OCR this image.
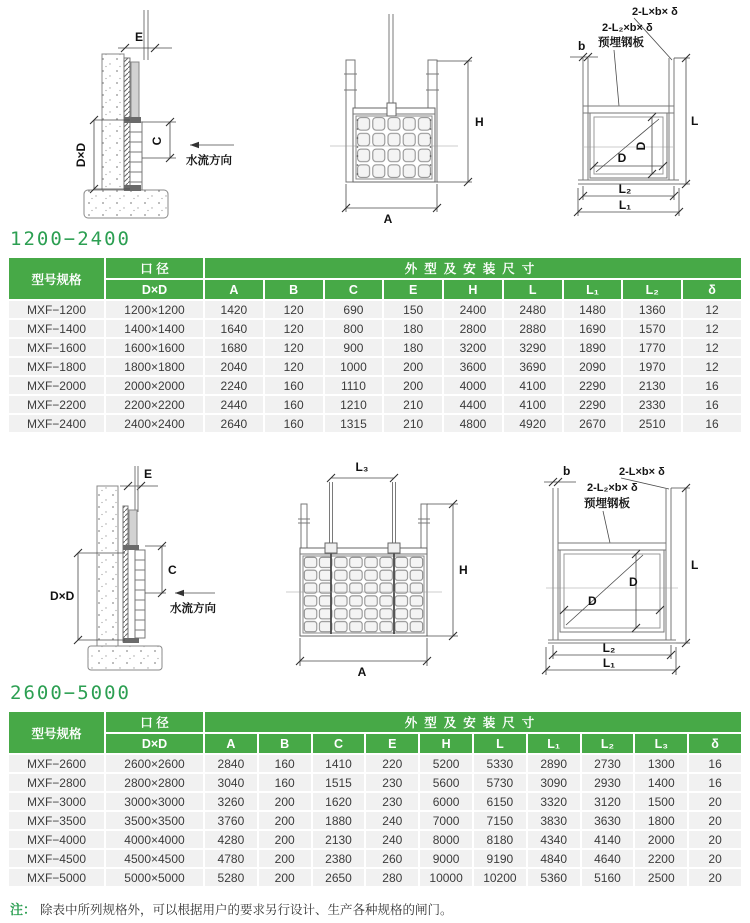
E
C
D×D	水流方向
H
A
2-L×b× δ
2-L₂×b× δ
预埋钢板
b
D
D
L
L₂
L₁
1200−2400
型号规格	口 径	外型及安装尺寸								
	D×D	A	B	C	E	H	L	L₁	L₂	δ
MXF−1200	1200×1200	1420	120	690	150	2400	2480	1480	1360	12
MXF−1400	1400×1400	1640	120	800	180	2800	2880	1690	1570	12
MXF−1600	1600×1600	1680	120	900	180	3200	3290	1890	1770	12
MXF−1800	1800×1800	2040	120	1000	200	3600	3690	2090	1970	12
MXF−2000	2000×2000	2240	160	1110	200	4000	4100	2290	2130	16
MXF−2200	2200×2200	2440	160	1210	210	4400	4100	2290	2330	16
MXF−2400	2400×2400	2640	160	1315	210	4800	4920	2670	2510	16
E
C
D×D
水流方向
L₃
H
A
b	2-L×b× δ
2-L₂×b× δ
预埋钢板
D
D
L
L₂
L₁
2600−5000
型号规格	口 径	外型及安装尺寸									
	D×D	A	B	C	E	H	L	L₁	L₂	L₃	δ
MXF−2600	2600×2600	2840	160	1410	220	5200	5330	2890	2730	1300	16
MXF−2800	2800×2800	3040	160	1515	230	5600	5730	3090	2930	1400	16
MXF−3000	3000×3000	3260	200	1620	230	6000	6150	3320	3120	1500	20
MXF−3500	3500×3500	3760	200	1880	240	7000	7150	3830	3630	1800	20
MXF−4000	4000×4000	4280	200	2130	240	8000	8180	4340	4140	2000	20
MXF−4500	4500×4500	4780	200	2380	260	9000	9190	4840	4640	2200	20
MXF−5000	5000×5000	5280	200	2650	280	10000	10200	5360	5160	2500	20
注： 除表中所列规格外，可以根据用户的要求另行设计、生产各种规格的闸门。
